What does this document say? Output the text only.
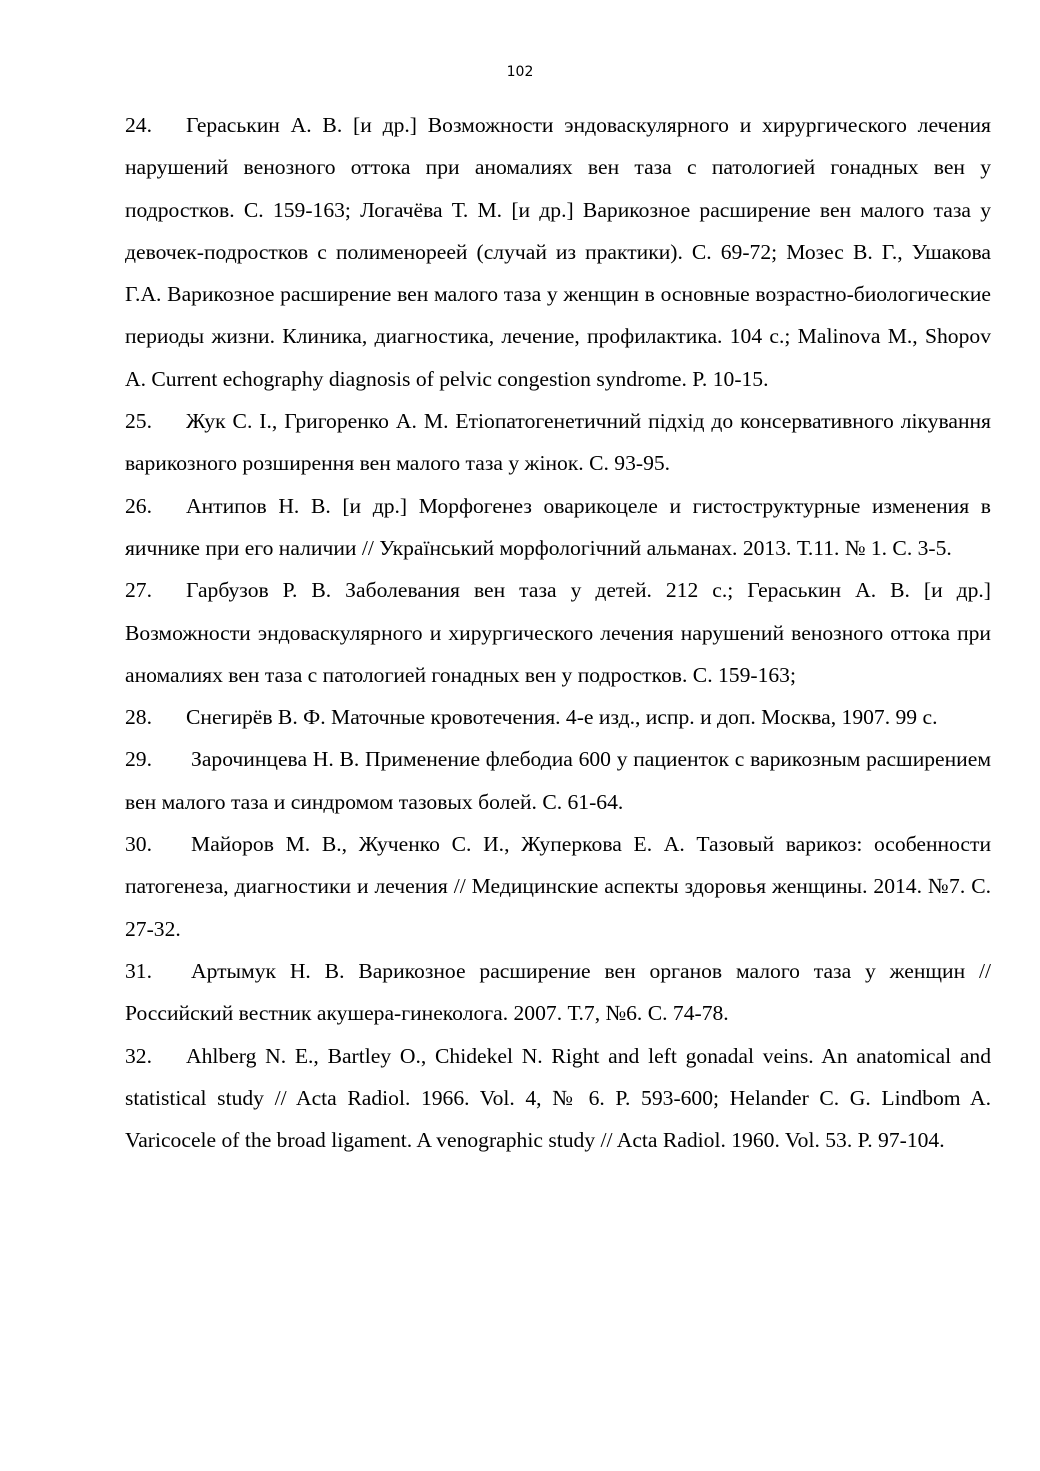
102

24. Гераськин А. В. [и др.] Возможности эндоваскулярного и хирургического лечения нарушений венозного оттока при аномалиях вен таза с патологией гонадных вен у подростков. С. 159-163; Логачёва Т. М. [и др.] Варикозное расширение вен малого таза у девочек-подростков с полименореей (случай из практики). С. 69-72; Мозес В. Г., Ушакова Г.А. Варикозное расширение вен малого таза у женщин в основные возрастно-биологические периоды жизни. Клиника, диагностика, лечение, профилактика. 104 с.; Malinova M., Shopov A. Current echography diagnosis of pelvic congestion syndrome. P. 10-15.

25. Жук С. І., Григоренко А. М. Етіопатогенетичний підхід до консервативного лікування варикозного розширення вен малого таза у жінок. С. 93-95.

26. Антипов Н. В. [и др.] Морфогенез оварикоцеле и гистоструктурные изменения в яичнике при его наличии // Український морфологічний альманах. 2013. Т.11. № 1. С. 3-5.

27. Гарбузов Р. В. Заболевания вен таза у детей. 212 с.; Гераськин А. В. [и др.] Возможности эндоваскулярного и хирургического лечения нарушений венозного оттока при аномалиях вен таза с патологией гонадных вен у подростков. С. 159-163;

28. Снегирёв В. Ф. Маточные кровотечения. 4-е изд., испр. и доп. Москва, 1907. 99 с.

29. Зарочинцева Н. В. Применение флебодиа 600 у пациенток с варикозным расширением вен малого таза и синдромом тазовых болей. С. 61-64.

30. Майоров М. В., Жученко С. И., Жуперкова Е. А. Тазовый варикоз: особенности патогенеза, диагностики и лечения // Медицинские аспекты здоровья женщины. 2014. №7. С. 27-32.

31. Артымук Н. В. Варикозное расширение вен органов малого таза у женщин // Российский вестник акушера-гинеколога. 2007. Т.7, №6. С. 74-78.

32. Ahlberg N. E., Bartley O., Chidekel N. Right and left gonadal veins. An anatomical and statistical study // Acta Radiol. 1966. Vol. 4, № 6. P. 593-600; Helander C. G. Lindbom A. Varicocele of the broad ligament. A venographic study // Acta Radiol. 1960. Vol. 53. P. 97-104.
